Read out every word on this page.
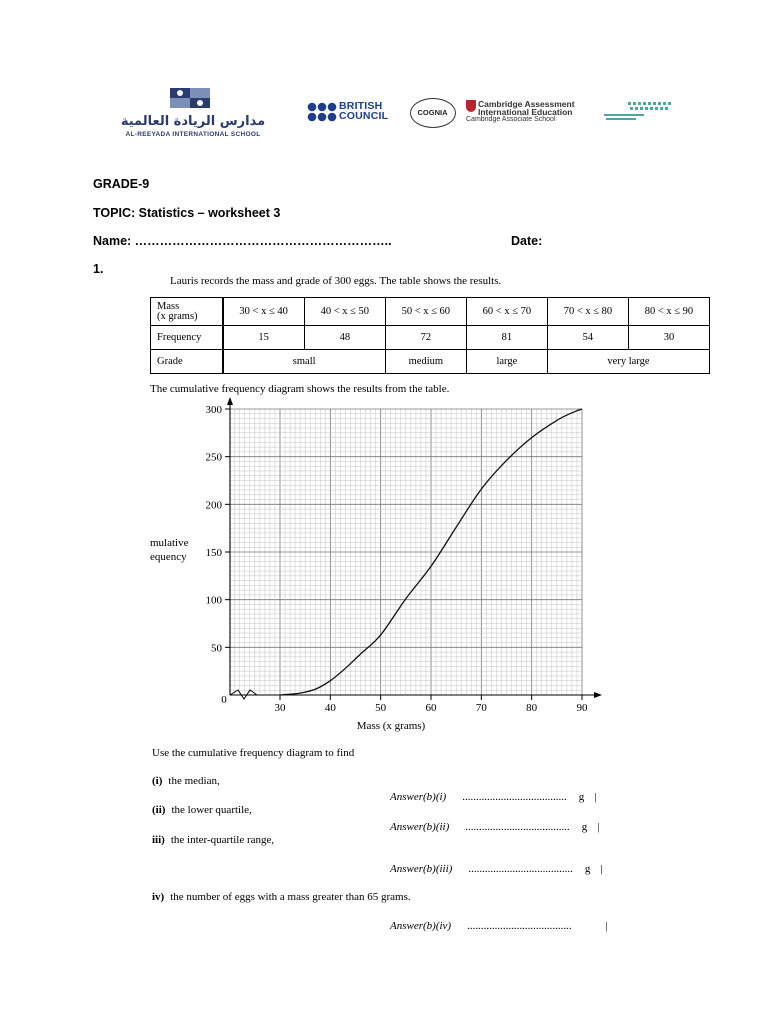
مدارس الريادة العالمية
AL-REEYADA INTERNATIONAL SCHOOL
BRITISH
COUNCIL	COGNIA
Cambridge Assessment
International Education
Cambridge Associate School
GRADE-9
TOPIC: Statistics – worksheet 3
Name: ……………………………………………………..	Date:
1.
Lauris records the mass and grade of 300 eggs. The table shows the results.
Mass
(x grams)	30 < x ≤ 40	40 < x ≤ 50	50 < x ≤ 60	60 < x ≤ 70	70 < x ≤ 80	80 < x ≤ 90
Frequency	15	48	72	81	54	30
Grade	small		medium	large	very large	
The cumulative frequency diagram shows the results from the table.
50
100
150
200
250
300
0
30	40	50	60	70	80	90
Mass (x grams)
mulative equency
Use the cumulative frequency diagram to find
(i) the median,
Answer(b)(i) ...................................... g |
(ii) the lower quartile,
Answer(b)(ii) ...................................... g |
iii) the inter-quartile range,
Answer(b)(iii) ...................................... g |
iv) the number of eggs with a mass greater than 65 grams.
Answer(b)(iv) ......................................	|
